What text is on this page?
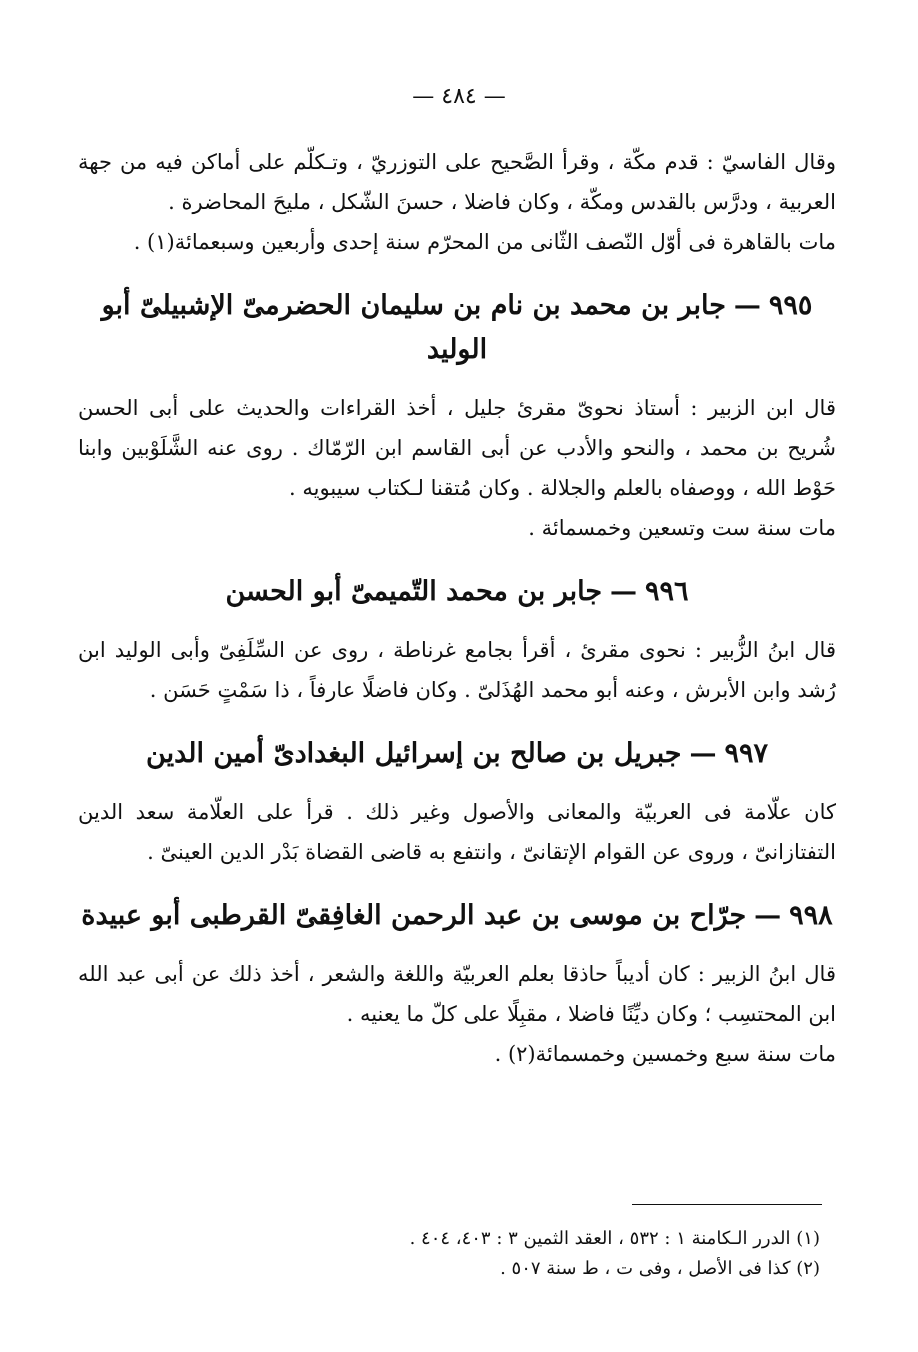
— ٤٨٤ —

وقال الفاسيّ : قدم مكّة ، وقرأ الصَّحيح على التوزريّ ، وتـكلّم على أماكن فيه من جهة العربية ، ودرَّس بالقدس ومكّة ، وكان فاضلا ، حسنَ الشّكل ، مليحَ المحاضرة .

مات بالقاهرة فى أوّل النّصف الثّانى من المحرّم سنة إحدى وأربعين وسبعمائة(١) .

٩٩٥—جابر بن محمد بن نام بن سليمان الحضرمىّ الإشبيلىّ أبو الوليد

قال ابن الزبير : أستاذ نحوىّ مقرئ جليل ، أخذ القراءات والحديث على أبى الحسن شُريح بن محمد ، والنحو والأدب عن أبى القاسم ابن الرّمّاك . روى عنه الشَّلَوْبين وابنا حَوْط الله ، ووصفاه بالعلم والجلالة . وكان مُتقنا لـكتاب سيبويه .

مات سنة ست وتسعين وخمسمائة .

٩٩٦—جابر بن محمد التّميمىّ أبو الحسن

قال ابنُ الزُّبير : نحوى مقرئ ، أقرأ بجامع غرناطة ، روى عن السِّلَفِىّ وأبى الوليد ابن رُشد وابن الأبرش ، وعنه أبو محمد الهُذَلىّ . وكان فاضلًا عارفاً ، ذا سَمْتٍ حَسَن .

٩٩٧—جبريل بن صالح بن إسرائيل البغدادىّ أمين الدين

كان علّامة فى العربيّة والمعانى والأصول وغير ذلك . قرأ على العلّامة سعد الدين التفتازانىّ ، وروى عن القوام الإتقانىّ ، وانتفع به قاضى القضاة بَدْر الدين العينىّ .

٩٩٨—جرّاح بن موسى بن عبد الرحمن الغافِقىّ القرطبى أبو عبيدة

قال ابنُ الزبير : كان أديباً حاذقا بعلم العربيّة واللغة والشعر ، أخذ ذلك عن أبى عبد الله ابن المحتسِب ؛ وكان ديِّنًا فاضلا ، مقبِلًا على كلّ ما يعنيه .

مات سنة سبع وخمسين وخمسمائة(٢) .

(١) الدرر الـكامنة ١ : ٥٣٢ ، العقد الثمين ٣ : ٤٠٣، ٤٠٤ .
(٢) كذا فى الأصل ، وفى ت ، ط سنة ٥٠٧ .
